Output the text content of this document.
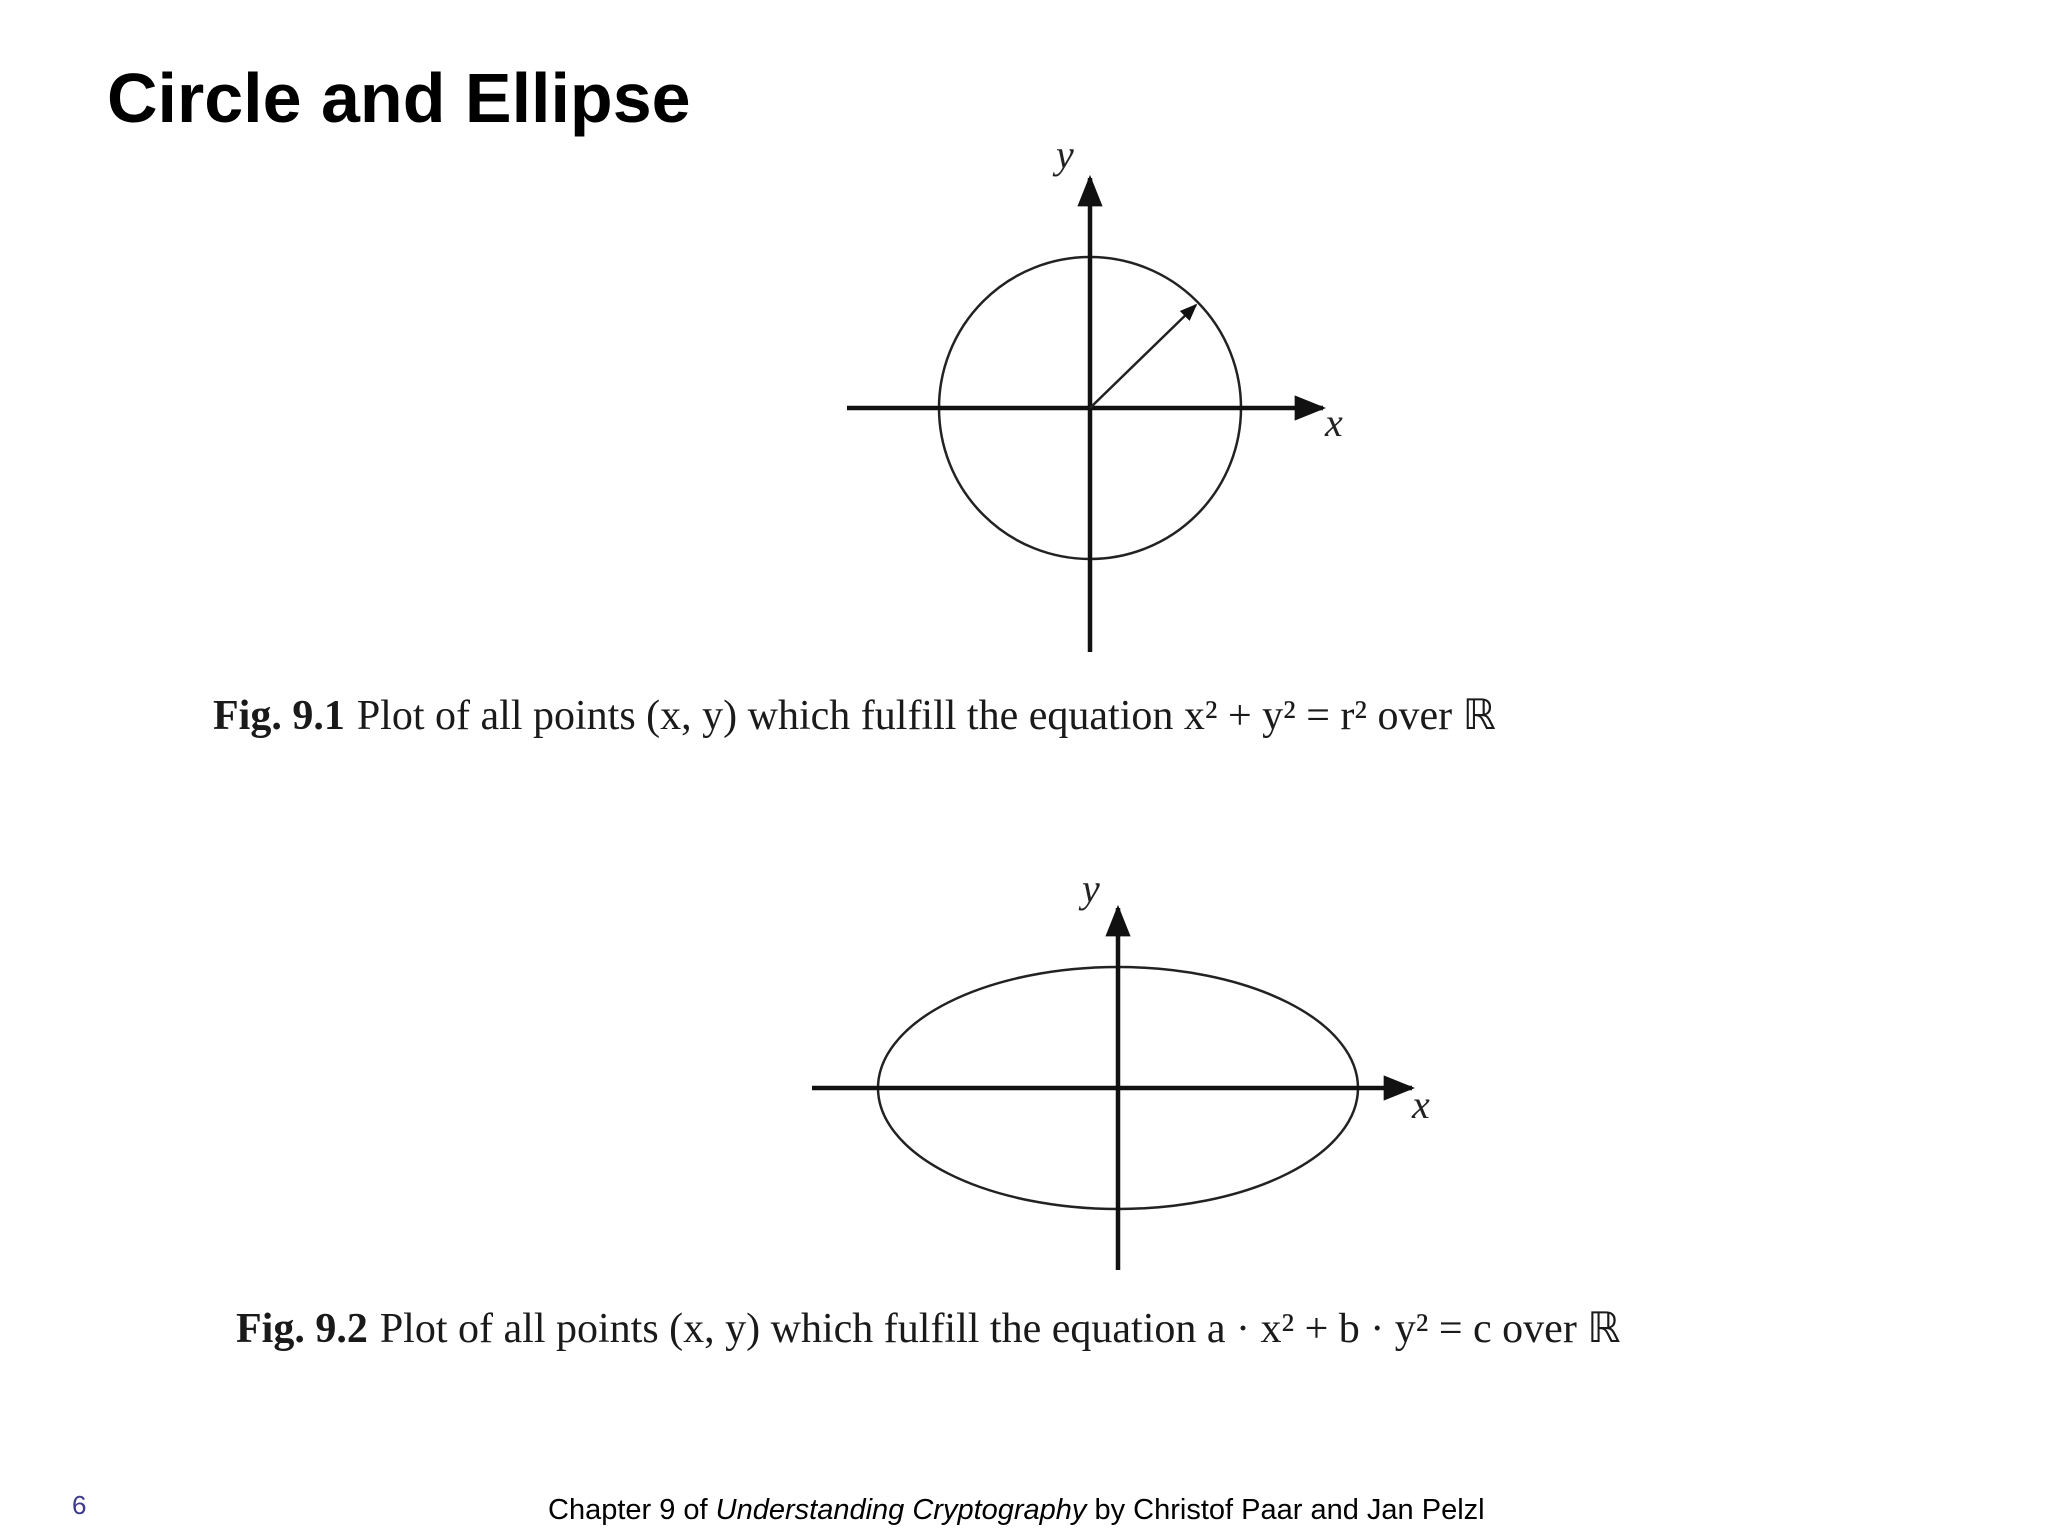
Circle and Ellipse
x
y
Fig. 9.1 Plot of all points (x, y) which fulfill the equation x² + y² = r² over ℝ
x
y
Fig. 9.2 Plot of all points (x, y) which fulfill the equation a · x² + b · y² = c over ℝ
6	Chapter 9 of Understanding Cryptography by Christof Paar and Jan Pelzl
